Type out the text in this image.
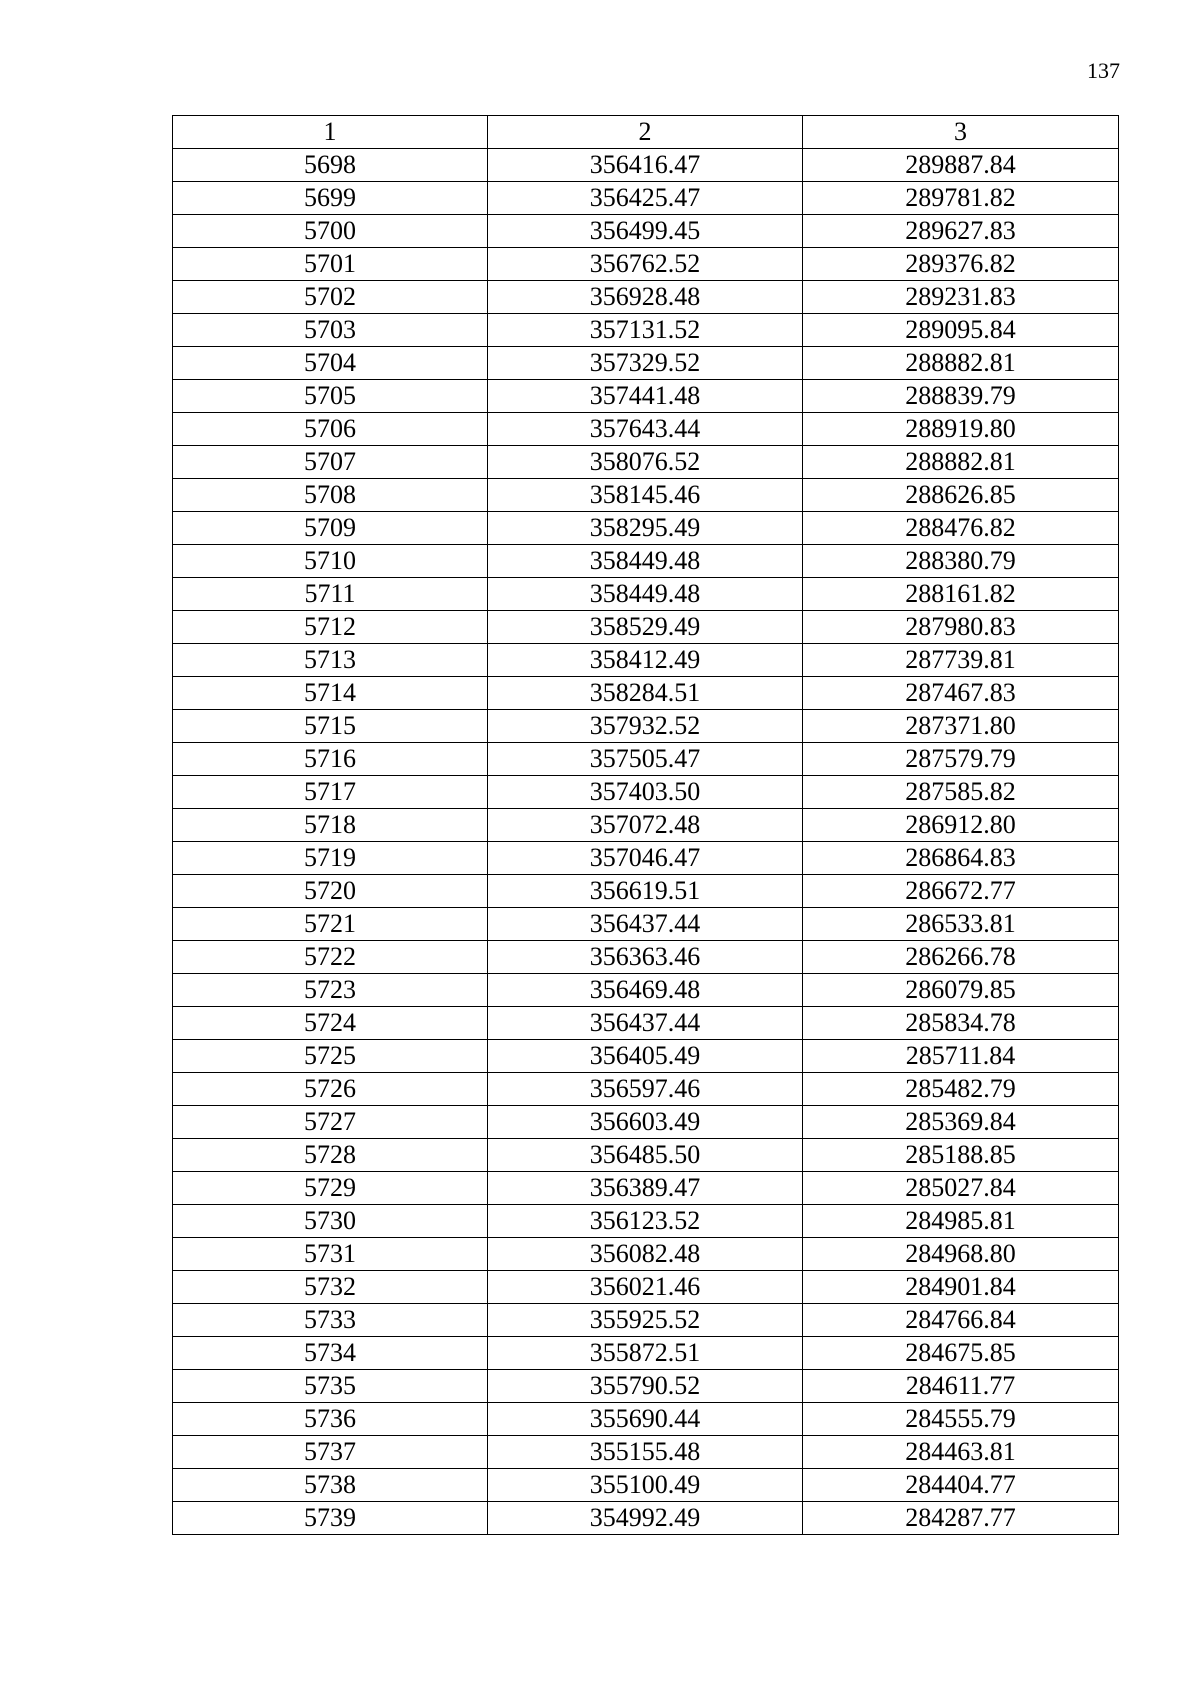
137
1	2	3
5698	356416.47	289887.84
5699	356425.47	289781.82
5700	356499.45	289627.83
5701	356762.52	289376.82
5702	356928.48	289231.83
5703	357131.52	289095.84
5704	357329.52	288882.81
5705	357441.48	288839.79
5706	357643.44	288919.80
5707	358076.52	288882.81
5708	358145.46	288626.85
5709	358295.49	288476.82
5710	358449.48	288380.79
5711	358449.48	288161.82
5712	358529.49	287980.83
5713	358412.49	287739.81
5714	358284.51	287467.83
5715	357932.52	287371.80
5716	357505.47	287579.79
5717	357403.50	287585.82
5718	357072.48	286912.80
5719	357046.47	286864.83
5720	356619.51	286672.77
5721	356437.44	286533.81
5722	356363.46	286266.78
5723	356469.48	286079.85
5724	356437.44	285834.78
5725	356405.49	285711.84
5726	356597.46	285482.79
5727	356603.49	285369.84
5728	356485.50	285188.85
5729	356389.47	285027.84
5730	356123.52	284985.81
5731	356082.48	284968.80
5732	356021.46	284901.84
5733	355925.52	284766.84
5734	355872.51	284675.85
5735	355790.52	284611.77
5736	355690.44	284555.79
5737	355155.48	284463.81
5738	355100.49	284404.77
5739	354992.49	284287.77
